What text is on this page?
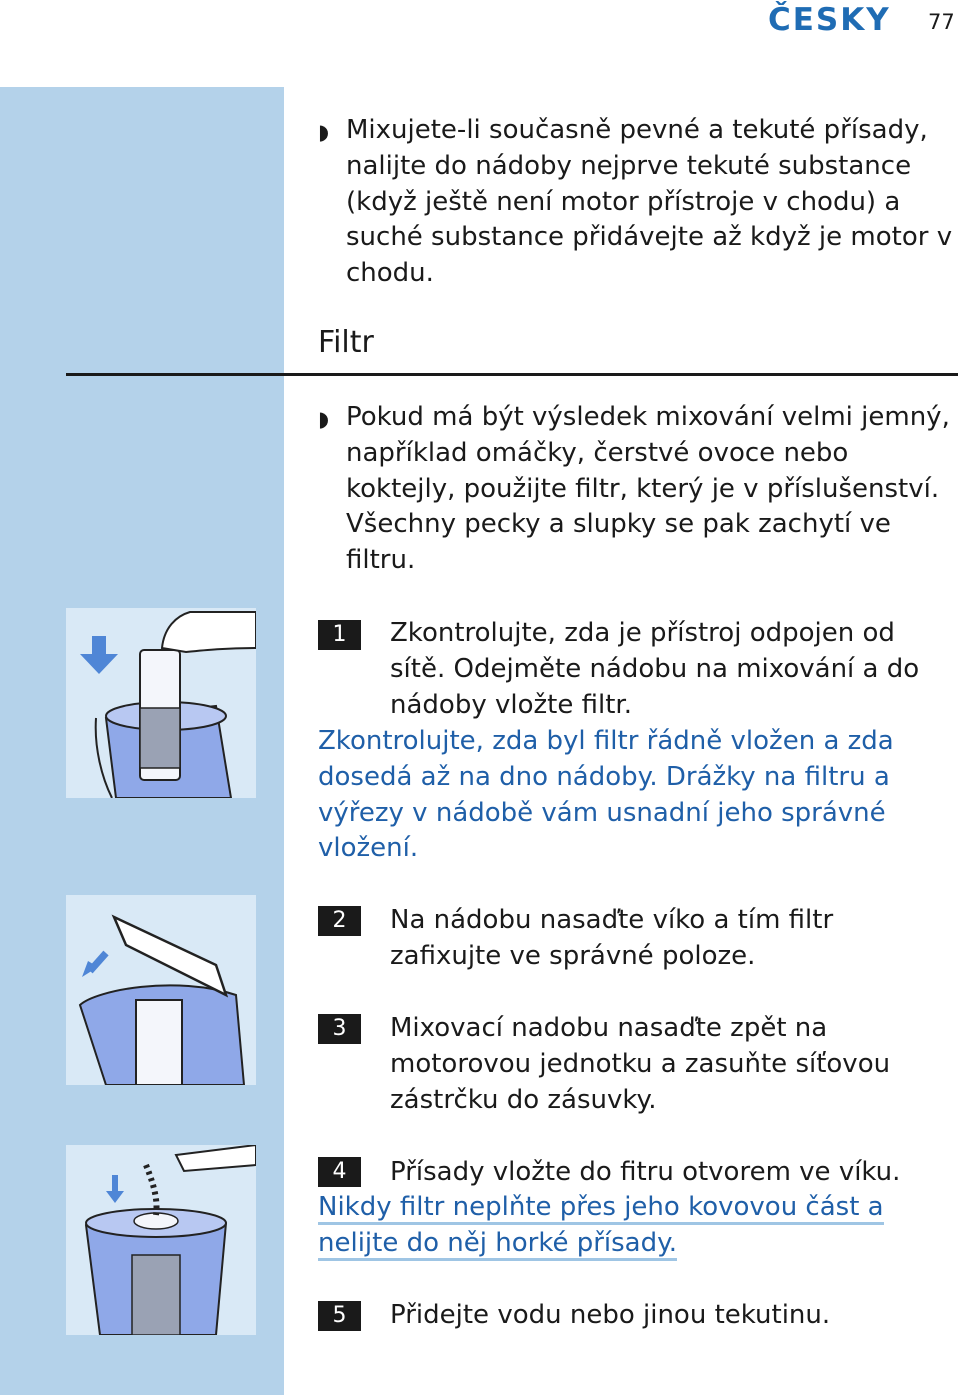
ČESKY 77
◗ Mixujete-li současně pevné a tekuté přísady, nalijte do nádoby nejprve tekuté substance (když ještě není motor přístroje v chodu) a suché substance přidávejte až když je motor v chodu.

Filtr
◗ Pokud má být výsledek mixování velmi jemný, například omáčky, čerstvé ovoce nebo koktejly, použijte filtr, který je v příslušenství. Všechny pecky a slupky se pak zachytí ve filtru.

1	Zkontrolujte, zda je přístroj odpojen od sítě. Odejměte nádobu na mixování a do nádoby vložte filtr.

Zkontrolujte, zda byl filtr řádně vložen a zda dosedá až na dno nádoby. Drážky na filtru a výřezy v nádobě vám usnadní jeho správné vložení.

2	Na nádobu nasaďte víko a tím filtr zafixujte ve správné poloze.

3	Mixovací nadobu nasaďte zpět na motorovou jednotku a zasuňte síťovou zástrčku do zásuvky.

4	Přísady vložte do fitru otvorem ve víku.

Nikdy filtr neplňte přes jeho kovovou část a nelijte do něj horké přísady.

5	Přidejte vodu nebo jinou tekutinu.
